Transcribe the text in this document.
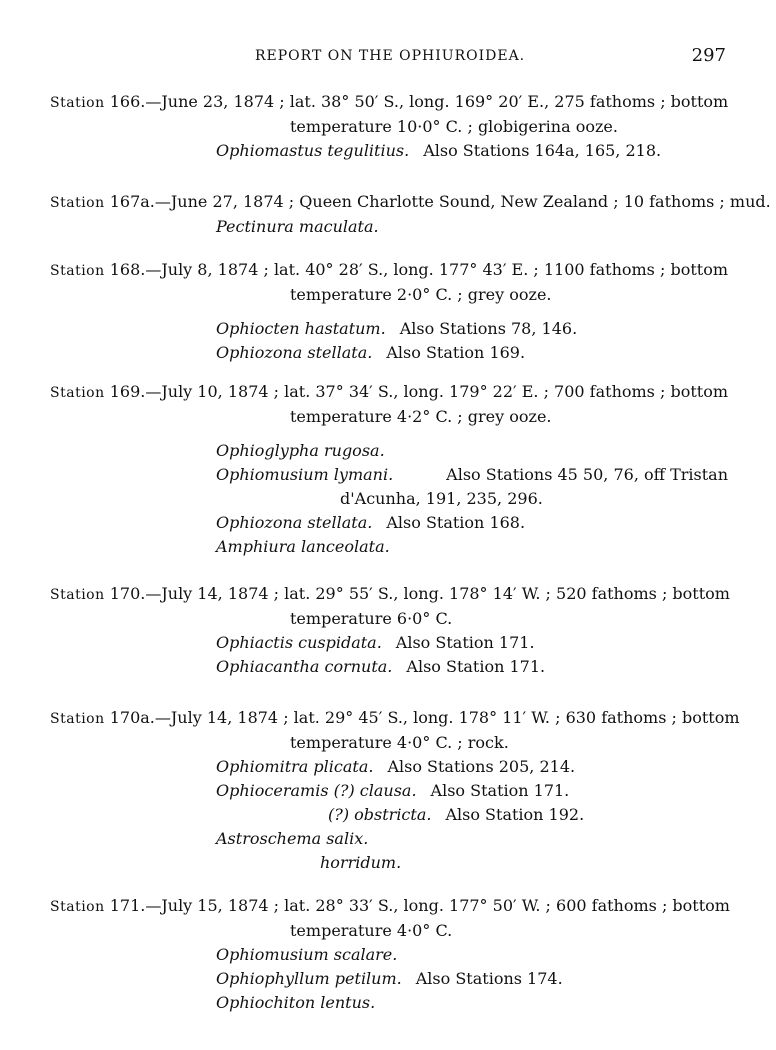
REPORT ON THE OPHIUROIDEA.	297
Station 166.—June 23, 1874 ; lat. 38° 50′ S., long. 169° 20′ E., 275 fathoms ; bottom
temperature 10·0° C. ; globigerina ooze.
Ophiomastus tegulitius. Also Stations 164a, 165, 218.
Station 167a.—June 27, 1874 ; Queen Charlotte Sound, New Zealand ; 10 fathoms ; mud.
Pectinura maculata.
Station 168.—July 8, 1874 ; lat. 40° 28′ S., long. 177° 43′ E. ; 1100 fathoms ; bottom
temperature 2·0° C. ; grey ooze.
Ophiocten hastatum. Also Stations 78, 146.
Ophiozona stellata. Also Station 169.
Station 169.—July 10, 1874 ; lat. 37° 34′ S., long. 179° 22′ E. ; 700 fathoms ; bottom
temperature 4·2° C. ; grey ooze.
Ophioglypha rugosa.
Ophiomusium lymani.	Also Stations 45 50, 76, off Tristan
d'Acunha, 191, 235, 296.
Ophiozona stellata. Also Station 168.
Amphiura lanceolata.
Station 170.—July 14, 1874 ; lat. 29° 55′ S., long. 178° 14′ W. ; 520 fathoms ; bottom
temperature 6·0° C.
Ophiactis cuspidata. Also Station 171.
Ophiacantha cornuta. Also Station 171.
Station 170a.—July 14, 1874 ; lat. 29° 45′ S., long. 178° 11′ W. ; 630 fathoms ; bottom
temperature 4·0° C. ; rock.
Ophiomitra plicata. Also Stations 205, 214.
Ophioceramis (?) clausa. Also Station 171.
(?) obstricta. Also Station 192.
Astroschema salix.
horridum.
Station 171.—July 15, 1874 ; lat. 28° 33′ S., long. 177° 50′ W. ; 600 fathoms ; bottom
temperature 4·0° C.
Ophiomusium scalare.
Ophiophyllum petilum. Also Stations 174.
Ophiochiton lentus.
